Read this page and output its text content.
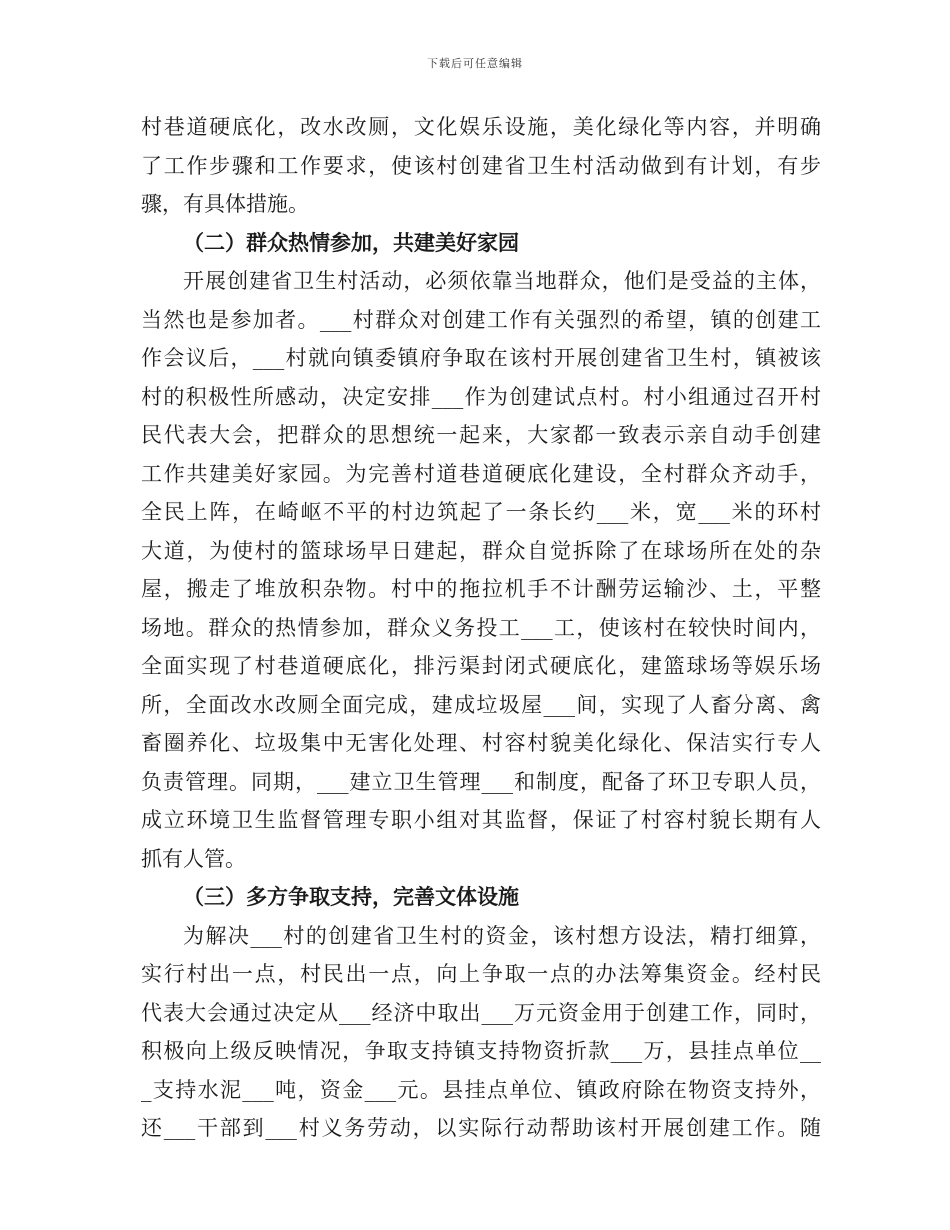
下载后可任意编辑
村巷道硬底化，改水改厕，文化娱乐设施，美化绿化等内容，并明确
了工作步骤和工作要求，使该村创建省卫生村活动做到有计划，有步
骤，有具体措施。
（二）群众热情参加，共建美好家园
开展创建省卫生村活动，必须依靠当地群众，他们是受益的主体，
当然也是参加者。___村群众对创建工作有关强烈的希望，镇的创建工
作会议后，___村就向镇委镇府争取在该村开展创建省卫生村，镇被该
村的积极性所感动，决定安排___作为创建试点村。村小组通过召开村
民代表大会，把群众的思想统一起来，大家都一致表示亲自动手创建
工作共建美好家园。为完善村道巷道硬底化建设，全村群众齐动手，
全民上阵，在崎岖不平的村边筑起了一条长约___米，宽___米的环村
大道，为使村的篮球场早日建起，群众自觉拆除了在球场所在处的杂
屋，搬走了堆放积杂物。村中的拖拉机手不计酬劳运输沙、土，平整
场地。群众的热情参加，群众义务投工___工，使该村在较快时间内，
全面实现了村巷道硬底化，排污渠封闭式硬底化，建篮球场等娱乐场
所，全面改水改厕全面完成，建成垃圾屋___间，实现了人畜分离、禽
畜圈养化、垃圾集中无害化处理、村容村貌美化绿化、保洁实行专人
负责管理。同期，___建立卫生管理___和制度，配备了环卫专职人员，
成立环境卫生监督管理专职小组对其监督，保证了村容村貌长期有人
抓有人管。
（三）多方争取支持，完善文体设施
为解决___村的创建省卫生村的资金，该村想方设法，精打细算，
实行村出一点，村民出一点，向上争取一点的办法筹集资金。经村民
代表大会通过决定从___经济中取出___万元资金用于创建工作，同时，
积极向上级反映情况，争取支持镇支持物资折款___万，县挂点单位__
_支持水泥___吨，资金___元。县挂点单位、镇政府除在物资支持外，
还___干部到___村义务劳动，以实际行动帮助该村开展创建工作。随
